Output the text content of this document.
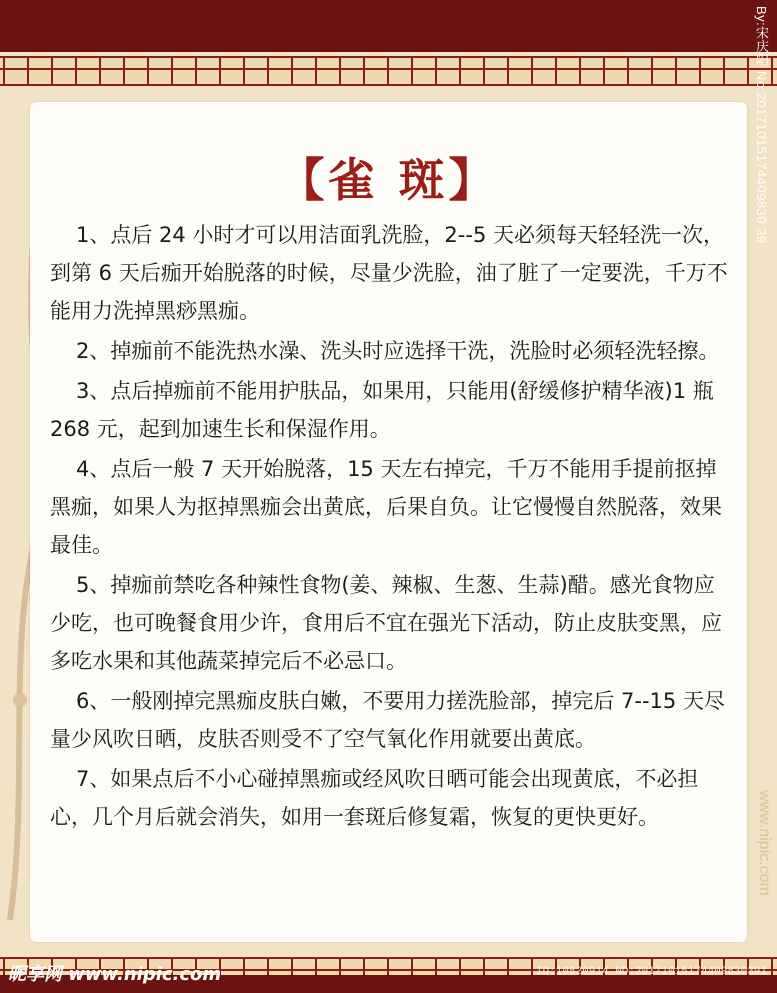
【雀 斑】

1、点后 24 小时才可以用洁面乳洗脸，2--5 天必须每天轻轻洗一次，到第 6 天后痂开始脱落的时候，尽量少洗脸，油了脏了一定要洗，千万不能用力洗掉黑痧黑痂。

2、掉痂前不能洗热水澡、洗头时应选择干洗，洗脸时必须轻洗轻擦。

3、点后掉痂前不能用护肤品，如果用，只能用(舒缓修护精华液)1 瓶 268 元，起到加速生长和保湿作用。

4、点后一般 7 天开始脱落，15 天左右掉完，千万不能用手提前抠掉黑痂，如果人为抠掉黑痂会出黄底，后果自负。让它慢慢自然脱落，效果最佳。

5、掉痂前禁吃各种辣性食物(姜、辣椒、生葱、生蒜)醋。感光食物应少吃，也可晚餐食用少许，食用后不宜在强光下活动，防止皮肤变黑，应多吃水果和其他蔬菜掉完后不必忌口。

6、一般刚掉完黑痂皮肤白嫩，不要用力搓洗脸部，掉完后 7--15 天尽量少风吹日晒，皮肤否则受不了空气氧化作用就要出黄底。

7、如果点后不小心碰掉黑痂或经风吹日晒可能会出现黄底，不必担心，几个月后就会消失，如用一套斑后修复霜，恢复的更快更好。

By:宋庆阳 No:20171015174409830 39
www.nipic.com
昵享网 www.nipic.com	ID:10820914 NO:20171015174409830391
